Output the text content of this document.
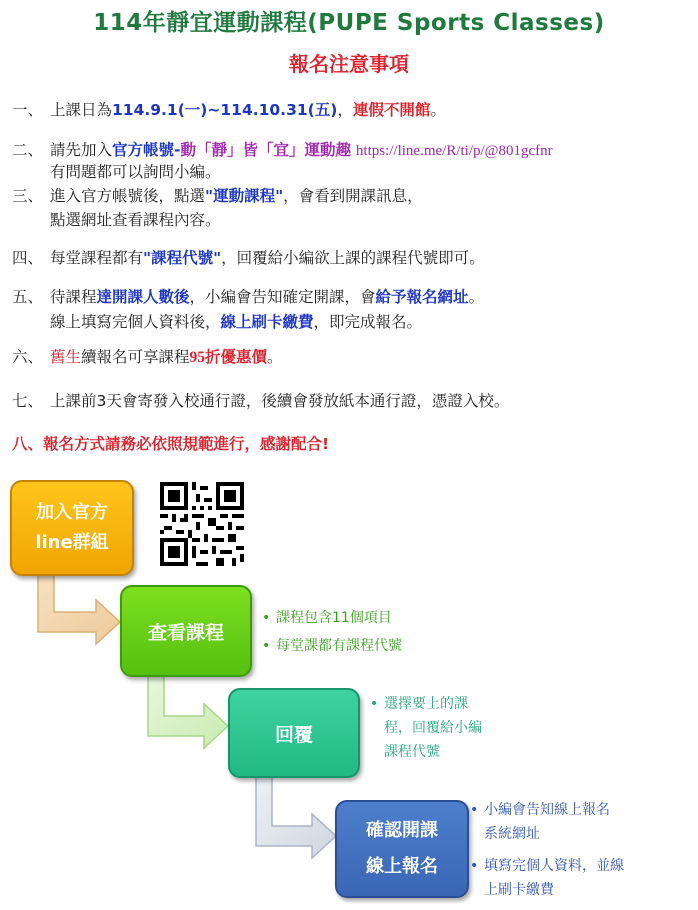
114年靜宜運動課程(PUPE Sports Classes)
報名注意事項
一、 上課日為114.9.1(一)~114.10.31(五)，連假不開館。
二、 請先加入官方帳號-動「靜」皆「宜」運動趣 https://line.me/R/ti/p/@801gcfnr
有問題都可以詢問小編。
三、 進入官方帳號後，點選"運動課程"，會看到開課訊息，
點選網址查看課程內容。
四、 每堂課程都有"課程代號"，回覆給小編欲上課的課程代號即可。
五、 待課程達開課人數後，小編會告知確定開課，會給予報名網址。
線上填寫完個人資料後，線上刷卡繳費，即完成報名。
六、 舊生續報名可享課程95折優惠價。
七、 上課前3天會寄發入校通行證，後續會發放紙本通行證，憑證入校。
八、報名方式請務必依照規範進行，感謝配合!
加入官方
line群組
查看課程
• 課程包含11個項目
• 每堂課都有課程代號
回覆
• 選擇要上的課程，回覆給小編課程代號
確認開課
線上報名
• 小編會告知線上報名系統網址
• 填寫完個人資料，並線上刷卡繳費
